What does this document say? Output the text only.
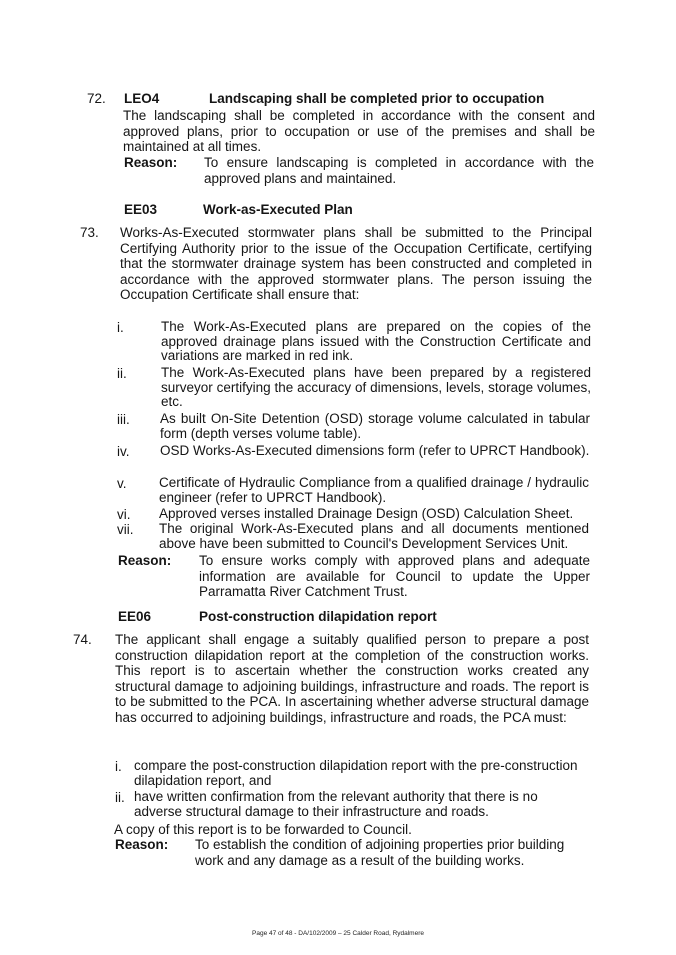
72. LEO4	Landscaping shall be completed prior to occupation

The landscaping shall be completed in accordance with the consent and approved plans, prior to occupation or use of the premises and shall be maintained at all times.

Reason: To ensure landscaping is completed in accordance with the approved plans and maintained.

EE03	Work-as-Executed Plan
73. Works-As-Executed stormwater plans shall be submitted to the Principal Certifying Authority prior to the issue of the Occupation Certificate, certifying that the stormwater drainage system has been constructed and completed in accordance with the approved stormwater plans. The person issuing the Occupation Certificate shall ensure that:

i.	The Work-As-Executed plans are prepared on the copies of the approved drainage plans issued with the Construction Certificate and variations are marked in red ink.

ii.	The Work-As-Executed plans have been prepared by a registered surveyor certifying the accuracy of dimensions, levels, storage volumes, etc.

iii. As built On-Site Detention (OSD) storage volume calculated in tabular form (depth verses volume table).

iv. OSD Works-As-Executed dimensions form (refer to UPRCT Handbook).

v. Certificate of Hydraulic Compliance from a qualified drainage / hydraulic engineer (refer to UPRCT Handbook).

vi. Approved verses installed Drainage Design (OSD) Calculation Sheet.

vii. The original Work-As-Executed plans and all documents mentioned above have been submitted to Council's Development Services Unit.

Reason: To ensure works comply with approved plans and adequate information are available for Council to update the Upper Parramatta River Catchment Trust.

EE06	Post-construction dilapidation report
74. The applicant shall engage a suitably qualified person to prepare a post construction dilapidation report at the completion of the construction works. This report is to ascertain whether the construction works created any structural damage to adjoining buildings, infrastructure and roads. The report is to be submitted to the PCA. In ascertaining whether adverse structural damage has occurred to adjoining buildings, infrastructure and roads, the PCA must:

i. compare the post-construction dilapidation report with the pre-construction dilapidation report, and

ii. have written confirmation from the relevant authority that there is no adverse structural damage to their infrastructure and roads.

A copy of this report is to be forwarded to Council.
Reason: To establish the condition of adjoining properties prior building work and any damage as a result of the building works.

Page 47 of 48 - DA/102/2009 – 25 Calder Road, Rydalmere
